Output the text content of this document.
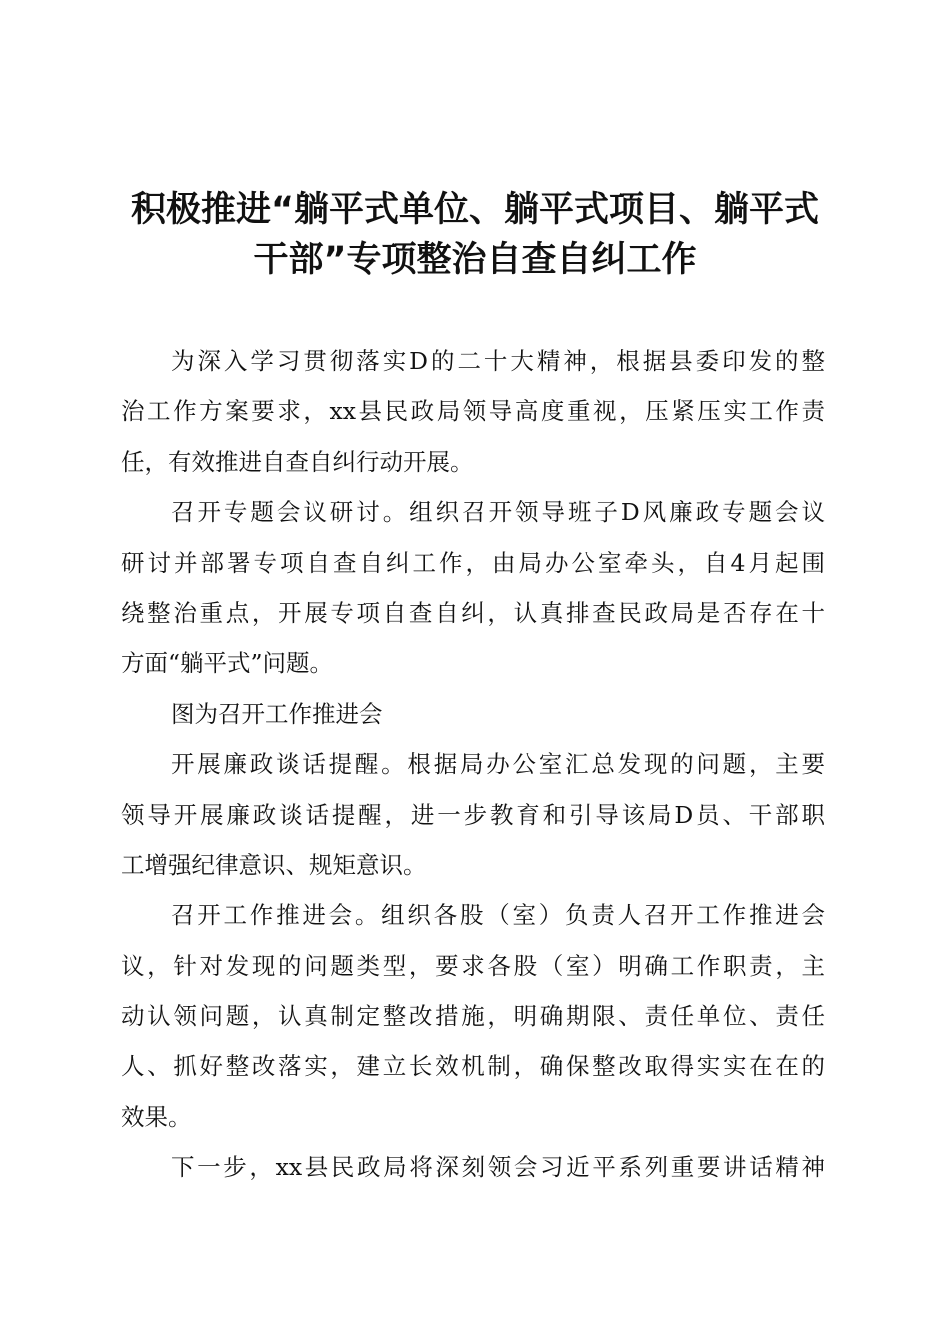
积极推进“躺平式单位、躺平式项目、躺平式
干部”专项整治自查自纠工作
为深入学习贯彻落实D的二十大精神，根据县委印发的整
治工作方案要求，xx县民政局领导高度重视，压紧压实工作责
任，有效推进自查自纠行动开展。
召开专题会议研讨。组织召开领导班子D风廉政专题会议
研讨并部署专项自查自纠工作，由局办公室牵头，自4月起围
绕整治重点，开展专项自查自纠，认真排查民政局是否存在十
方面“躺平式”问题。
图为召开工作推进会
开展廉政谈话提醒。根据局办公室汇总发现的问题，主要
领导开展廉政谈话提醒，进一步教育和引导该局D员、干部职
工增强纪律意识、规矩意识。
召开工作推进会。组织各股（室）负责人召开工作推进会
议，针对发现的问题类型，要求各股（室）明确工作职责，主
动认领问题，认真制定整改措施，明确期限、责任单位、责任
人、抓好整改落实，建立长效机制，确保整改取得实实在在的
效果。
下一步，xx县民政局将深刻领会习近平系列重要讲话精神
